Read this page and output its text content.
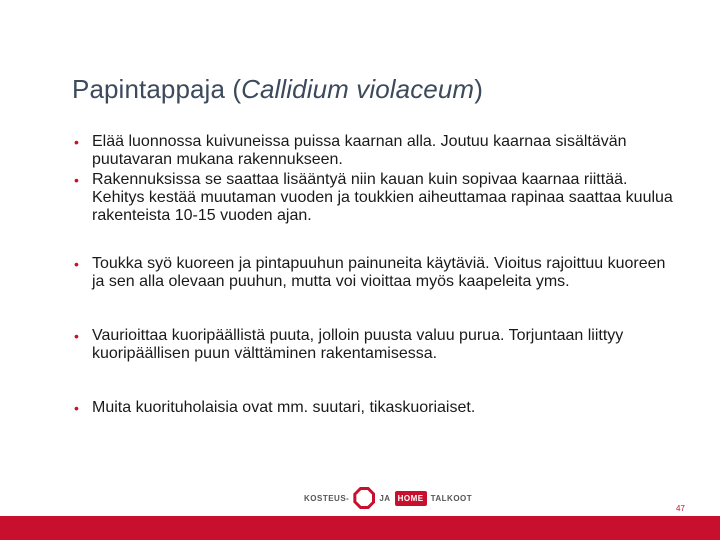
Papintappaja (Callidium violaceum)
• Elää luonnossa kuivuneissa puissa kaarnan alla. Joutuu kaarnaa sisältävän puutavaran mukana rakennukseen.
• Rakennuksissa se saattaa lisääntyä niin kauan kuin sopivaa kaarnaa riittää. Kehitys kestää muutaman vuoden ja toukkien aiheuttamaa rapinaa saattaa kuulua rakenteista 10-15 vuoden ajan.
• Toukka syö kuoreen ja pintapuuhun painuneita käytäviä. Vioitus rajoittuu kuoreen ja sen alla olevaan puuhun, mutta voi vioittaa myös kaapeleita yms.
• Vaurioittaa kuoripäällistä puuta, jolloin puusta valuu purua. Torjuntaan liittyy kuoripäällisen puun välttäminen rakentamisessa.
• Muita kuorituholaisia ovat mm. suutari, tikaskuoriaiset.
KOSTEUS-	JA HOME TALKOOT
47
